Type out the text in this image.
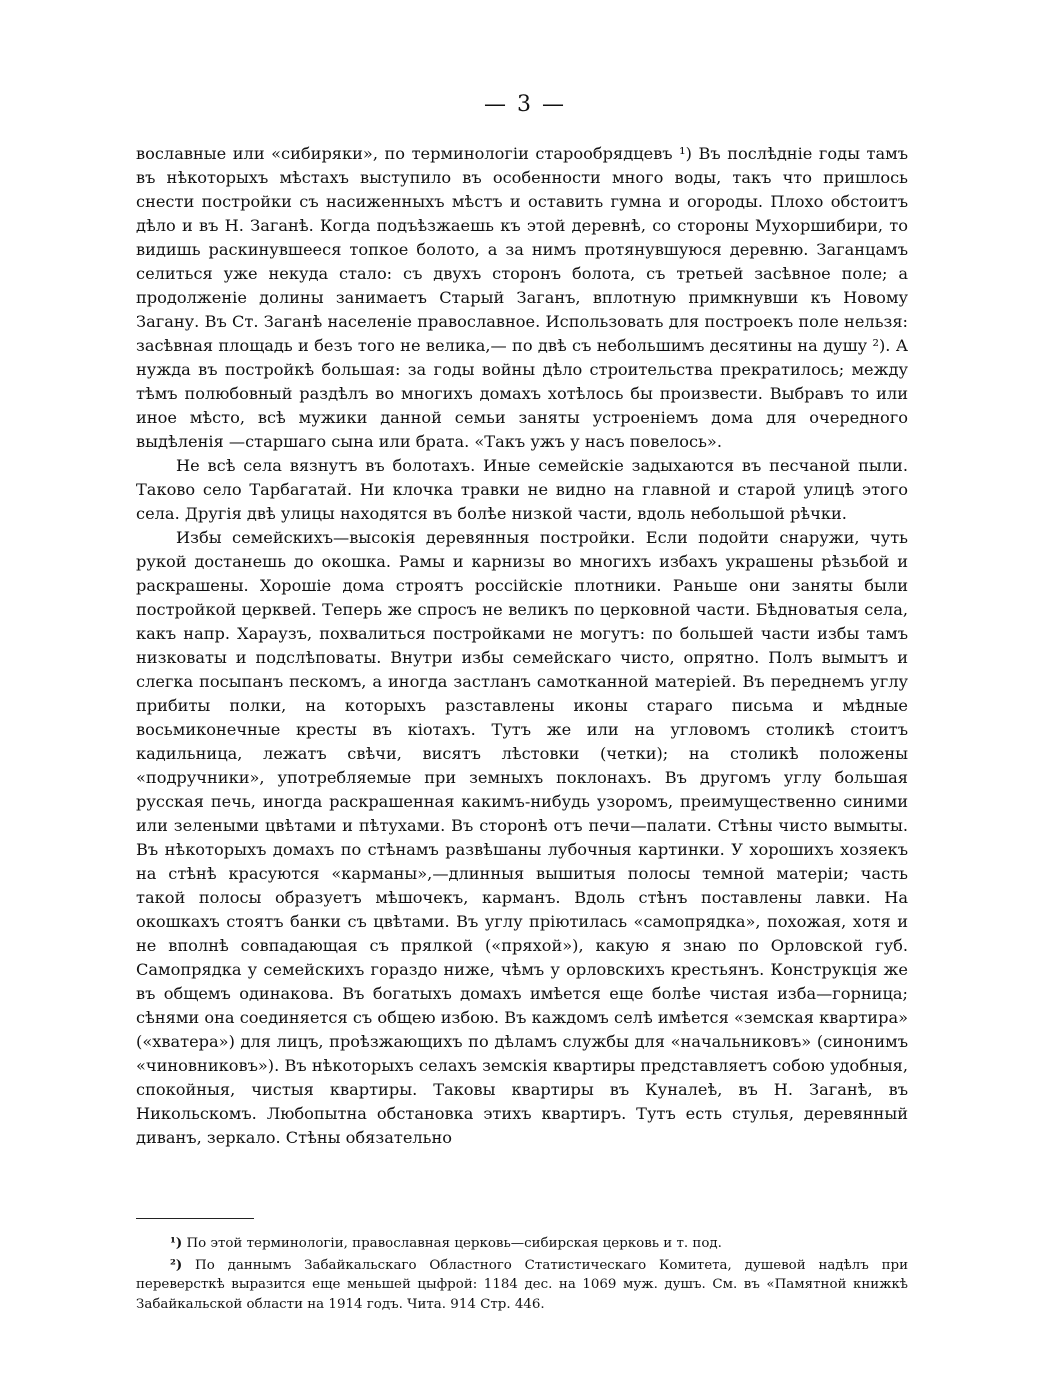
— 3 —

вославные или «сибиряки», по терминологіи старообрядцевъ ¹) Въ послѣдніе годы тамъ въ нѣкоторыхъ мѣстахъ выступило въ особенности много воды, такъ что пришлось снести постройки съ насиженныхъ мѣстъ и оставить гумна и огороды. Плохо обстоитъ дѣло и въ Н. Заганѣ. Когда подъѣзжаешь къ этой деревнѣ, со стороны Мухоршибири, то видишь раскинувшееся топкое болото, а за нимъ протянувшуюся деревню. Заганцамъ селиться уже некуда стало: съ двухъ сторонъ болота, съ третьей засѣвное поле; а продолженіе долины занимаетъ Старый Заганъ, вплотную примкнувши къ Новому Загану. Въ Ст. Заганѣ населеніе православное. Использовать для построекъ поле нельзя: засѣвная площадь и безъ того не велика,— по двѣ съ небольшимъ десятины на душу ²). А нужда въ постройкѣ большая: за годы войны дѣло строительства прекратилось; между тѣмъ полюбовный раздѣлъ во многихъ домахъ хотѣлось бы произвести. Выбравъ то или иное мѣсто, всѣ мужики данной семьи заняты устроеніемъ дома для очередного выдѣленія —старшаго сына или брата. «Такъ ужъ у насъ повелось».

Не всѣ села вязнутъ въ болотахъ. Иные семейскіе задыхаются въ песчаной пыли. Таково село Тарбагатай. Ни клочка травки не видно на главной и старой улицѣ этого села. Другія двѣ улицы находятся въ болѣе низкой части, вдоль небольшой рѣчки.

Избы семейскихъ—высокія деревянныя постройки. Если подойти снаружи, чуть рукой достанешь до окошка. Рамы и карнизы во многихъ избахъ украшены рѣзьбой и раскрашены. Хорошіе дома строятъ россійскіе плотники. Раньше они заняты были постройкой церквей. Теперь же спросъ не великъ по церковной части. Бѣдноватыя села, какъ напр. Хараузъ, похвалиться постройками не могутъ: по большей части избы тамъ низковаты и подслѣповаты. Внутри избы семейскаго чисто, опрятно. Полъ вымытъ и слегка посыпанъ пескомъ, а иногда застланъ самотканной матеріей. Въ переднемъ углу прибиты полки, на которыхъ разставлены иконы стараго письма и мѣдные восьмиконечные кресты въ кіотахъ. Тутъ же или на угловомъ столикѣ стоитъ кадильница, лежатъ свѣчи, висятъ лѣстовки (четки); на столикѣ положены «подручники», употребляемые при земныхъ поклонахъ. Въ другомъ углу большая русская печь, иногда раскрашенная какимъ-нибудь узоромъ, преимущественно синими или зелеными цвѣтами и пѣтухами. Въ сторонѣ отъ печи—палати. Стѣны чисто вымыты. Въ нѣкоторыхъ домахъ по стѣнамъ развѣшаны лубочныя картинки. У хорошихъ хозяекъ на стѣнѣ красуются «карманы»,—длинныя вышитыя полосы темной матеріи; часть такой полосы образуетъ мѣшочекъ, карманъ. Вдоль стѣнъ поставлены лавки. На окошкахъ стоятъ банки съ цвѣтами. Въ углу пріютилась «самопрядка», похожая, хотя и не вполнѣ совпадающая съ прялкой («пряхой»), какую я знаю по Орловской губ. Самопрядка у семейскихъ гораздо ниже, чѣмъ у орловскихъ крестьянъ. Конструкція же въ общемъ одинакова. Въ богатыхъ домахъ имѣется еще болѣе чистая изба—горница; сѣнями она соединяется съ общею избою. Въ каждомъ селѣ имѣется «земская квартира» («хватера») для лицъ, проѣзжающихъ по дѣламъ службы для «начальниковъ» (синонимъ «чиновниковъ»). Въ нѣкоторыхъ селахъ земскія квартиры представляетъ собою удобныя, спокойныя, чистыя квартиры. Таковы квартиры въ Куналеѣ, въ Н. Заганѣ, въ Никольскомъ. Любопытна обстановка этихъ квартиръ. Тутъ есть стулья, деревянный диванъ, зеркало. Стѣны обязательно

¹) По этой терминологіи, православная церковь—сибирская церковь и т. под.

²) По даннымъ Забайкальскаго Областного Статистическаго Комитета, душевой надѣлъ при переверсткѣ выразится еще меньшей цыфрой: 1184 дес. на 1069 муж. душъ. См. въ «Памятной книжкѣ Забайкальской области на 1914 годъ. Чита. 914 Стр. 446.
